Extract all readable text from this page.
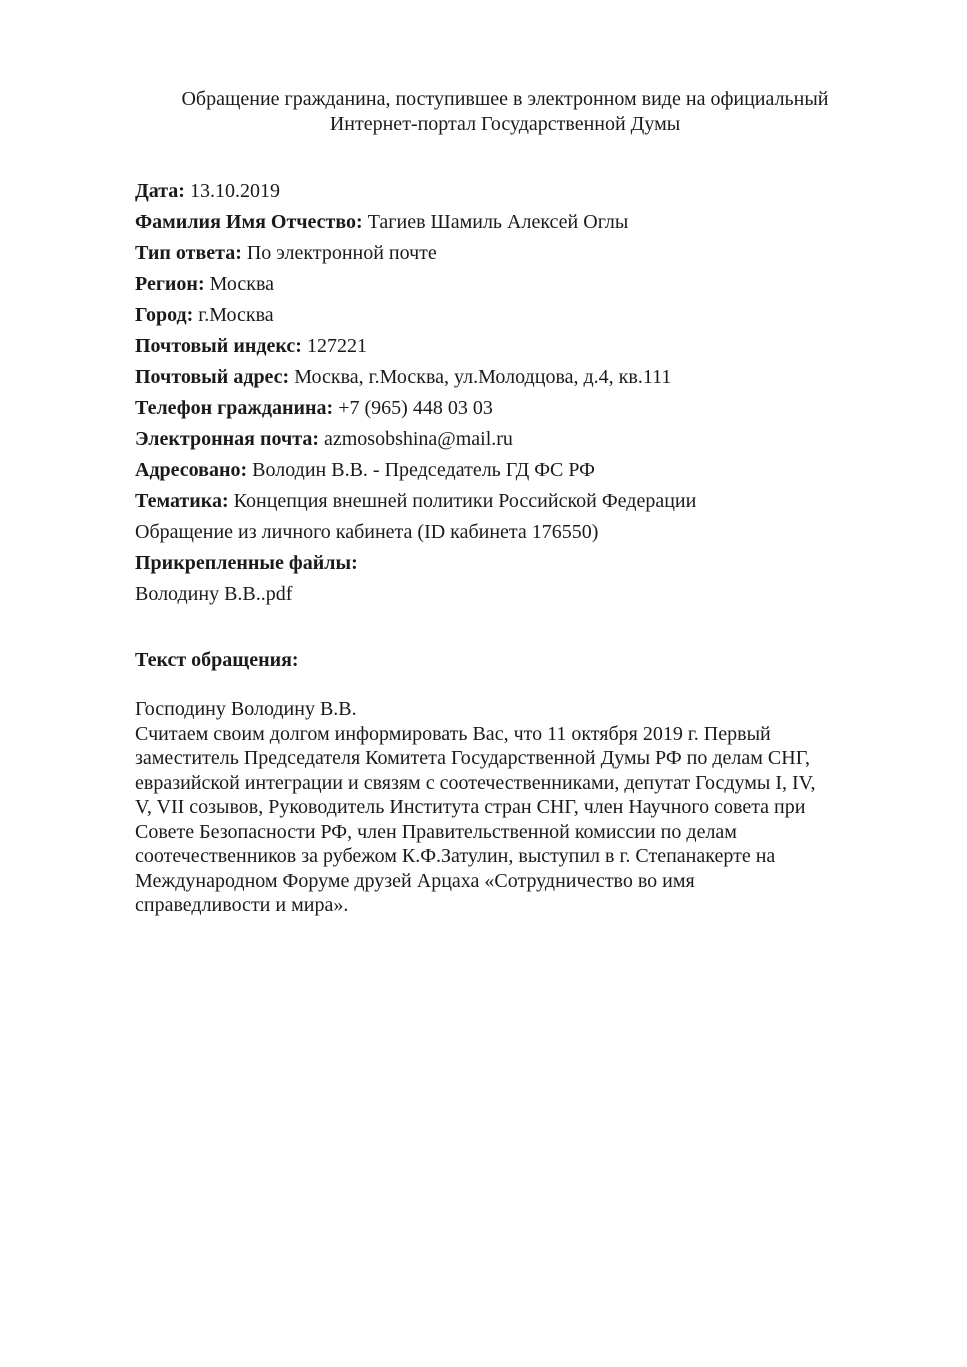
Обращение гражданина, поступившее в электронном виде на официальный
Интернет-портал Государственной Думы
Дата: 13.10.2019
Фамилия Имя Отчество: Тагиев Шамиль Алексей Оглы
Тип ответа: По электронной почте
Регион: Москва
Город: г.Москва
Почтовый индекс: 127221
Почтовый адрес: Москва, г.Москва, ул.Молодцова, д.4, кв.111
Телефон гражданина: +7 (965) 448 03 03
Электронная почта: azmosobshina@mail.ru
Адресовано: Володин В.В. - Председатель ГД ФС РФ
Тематика: Концепция внешней политики Российской Федерации
Обращение из личного кабинета (ID кабинета 176550)
Прикрепленные файлы:
Володину В.В..pdf
Текст обращения:
Господину Володину В.В.
Считаем своим долгом информировать Вас, что 11 октября 2019 г. Первый
заместитель Председателя Комитета Государственной Думы РФ по делам СНГ,
евразийской интеграции и связям с соотечественниками, депутат Госдумы I, IV,
V, VII созывов, Руководитель Института стран СНГ, член Научного совета при
Совете Безопасности РФ, член Правительственной комиссии по делам
соотечественников за рубежом К.Ф.Затулин, выступил в г. Степанакерте на
Международном Форуме друзей Арцаха «Сотрудничество во имя
справедливости и мира».
